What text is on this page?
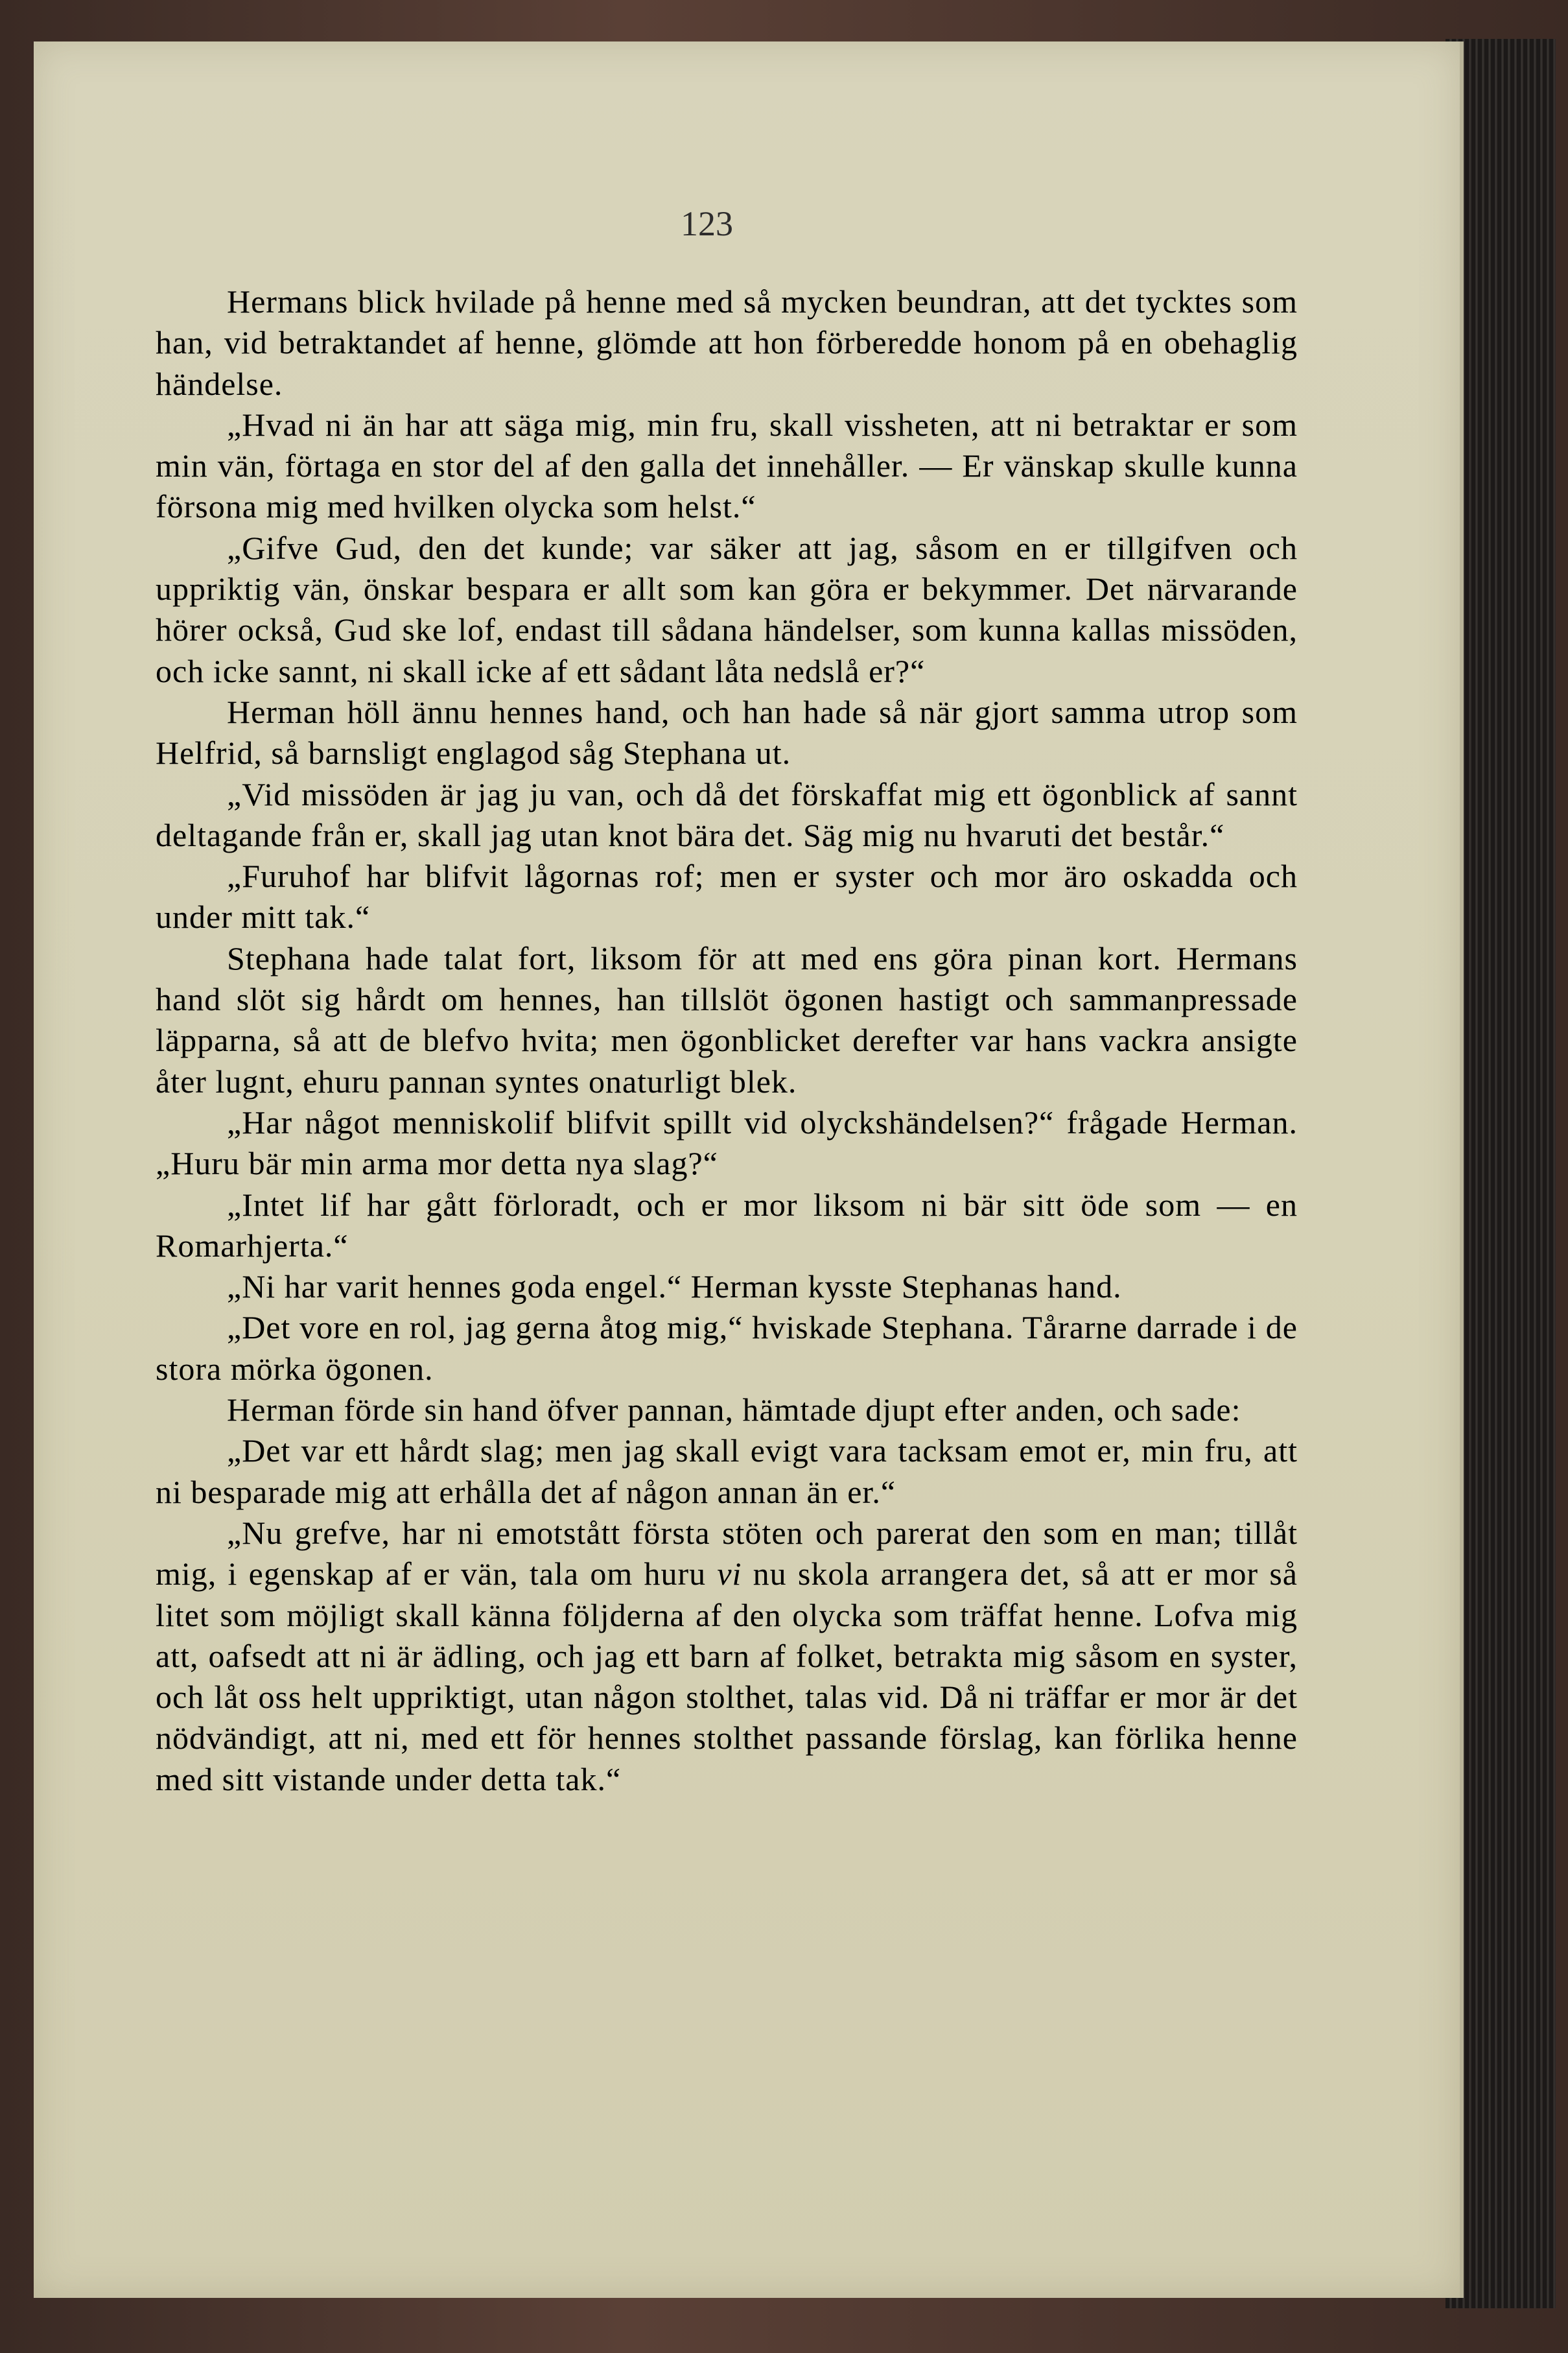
123

Hermans blick hvilade på henne med så mycken beundran, att det tycktes som han, vid betraktandet af henne, glömde att hon förberedde honom på en obehaglig händelse.

„Hvad ni än har att säga mig, min fru, skall vissheten, att ni betraktar er som min vän, förtaga en stor del af den galla det innehåller. — Er vänskap skulle kunna försona mig med hvilken olycka som helst.“

„Gifve Gud, den det kunde; var säker att jag, såsom en er tillgifven och uppriktig vän, önskar bespara er allt som kan göra er bekymmer. Det närvarande hörer också, Gud ske lof, endast till sådana händelser, som kunna kallas missöden, och icke sannt, ni skall icke af ett sådant låta nedslå er?“

Herman höll ännu hennes hand, och han hade så när gjort samma utrop som Helfrid, så barnsligt englagod såg Stephana ut.

„Vid missöden är jag ju van, och då det förskaffat mig ett ögonblick af sannt deltagande från er, skall jag utan knot bära det. Säg mig nu hvaruti det består.“

„Furuhof har blifvit lågornas rof; men er syster och mor äro oskadda och under mitt tak.“

Stephana hade talat fort, liksom för att med ens göra pinan kort. Hermans hand slöt sig hårdt om hennes, han tillslöt ögonen hastigt och sammanpressade läpparna, så att de blefvo hvita; men ögonblicket derefter var hans vackra ansigte åter lugnt, ehuru pannan syntes onaturligt blek.

„Har något menniskolif blifvit spillt vid olyckshändelsen?“ frågade Herman. „Huru bär min arma mor detta nya slag?“

„Intet lif har gått förloradt, och er mor liksom ni bär sitt öde som — en Romarhjerta.“

„Ni har varit hennes goda engel.“ Herman kysste Stephanas hand.

„Det vore en rol, jag gerna åtog mig,“ hviskade Stephana. Tårarne darrade i de stora mörka ögonen.

Herman förde sin hand öfver pannan, hämtade djupt efter anden, och sade:

„Det var ett hårdt slag; men jag skall evigt vara tacksam emot er, min fru, att ni besparade mig att erhålla det af någon annan än er.“

„Nu grefve, har ni emotstått första stöten och parerat den som en man; tillåt mig, i egenskap af er vän, tala om huru vi nu skola arrangera det, så att er mor så litet som möjligt skall känna följderna af den olycka som träffat henne. Lofva mig att, oafsedt att ni är ädling, och jag ett barn af folket, betrakta mig såsom en syster, och låt oss helt uppriktigt, utan någon stolthet, talas vid. Då ni träffar er mor är det nödvändigt, att ni, med ett för hennes stolthet passande förslag, kan förlika henne med sitt vistande under detta tak.“
